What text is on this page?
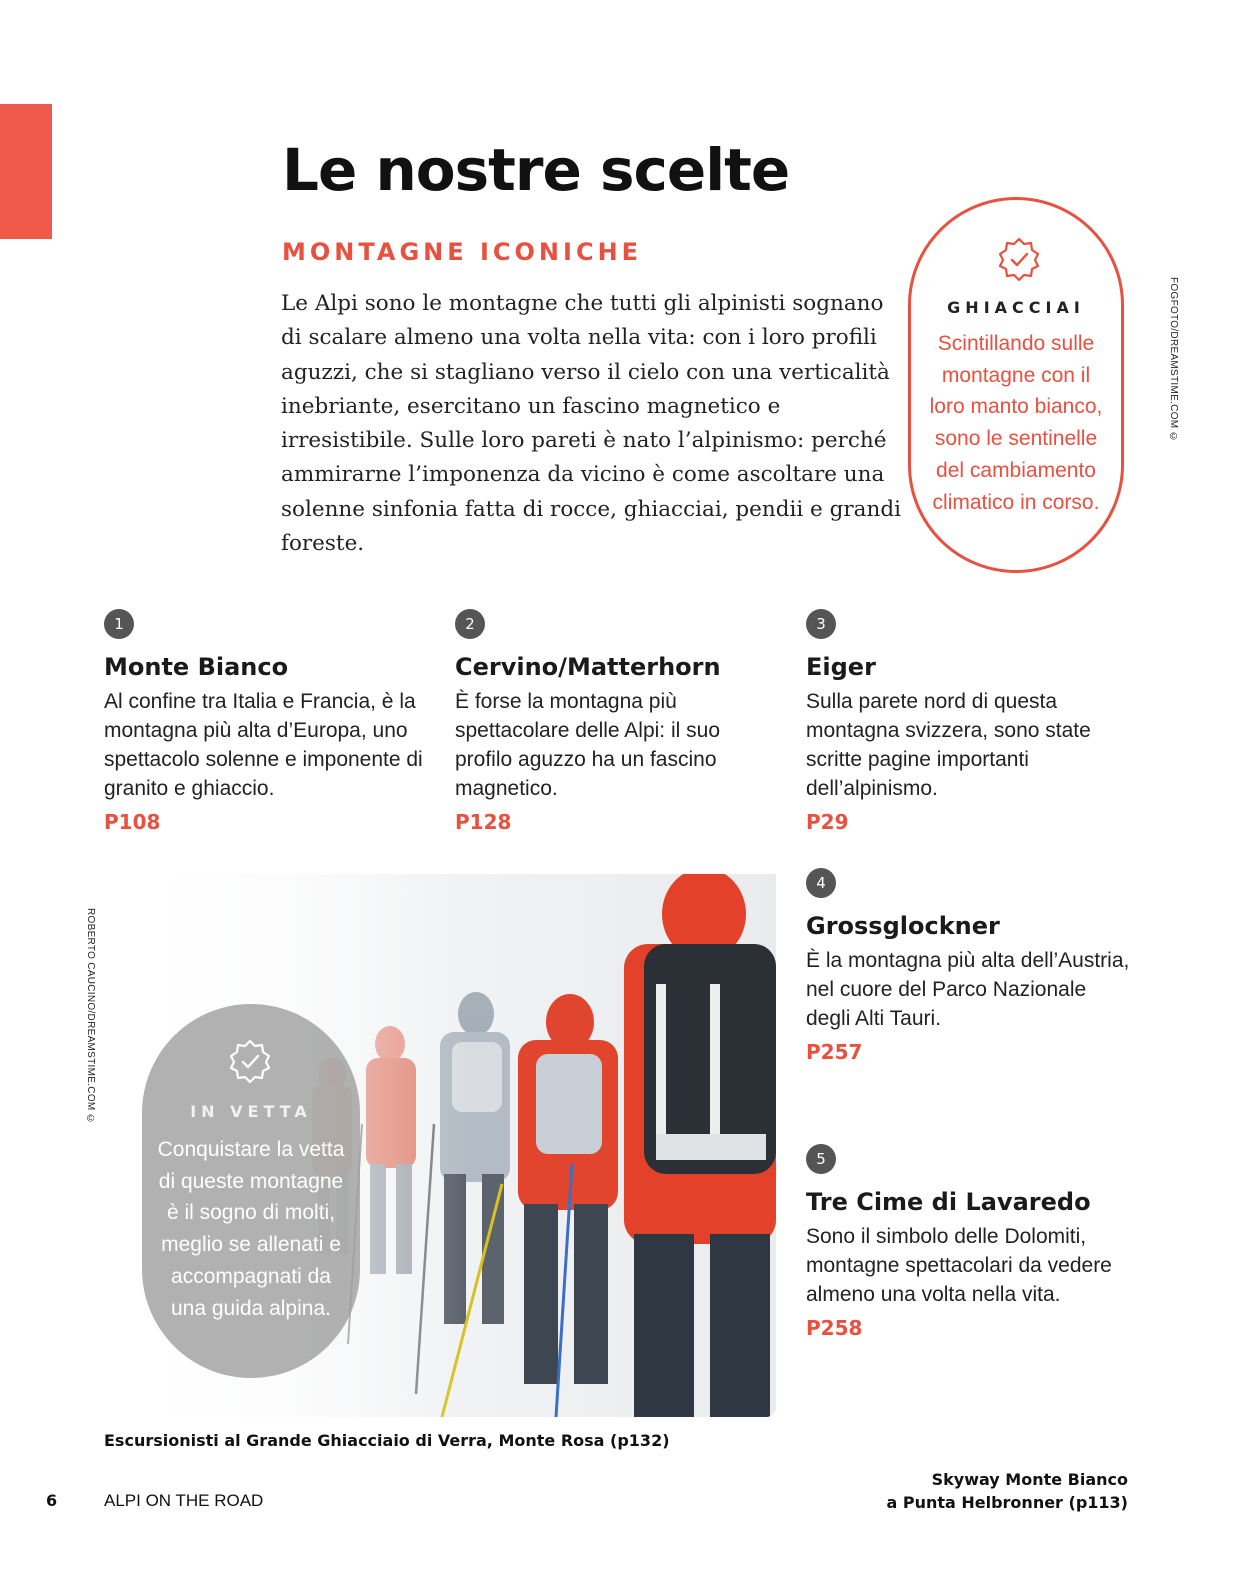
Le nostre scelte
MONTAGNE ICONICHE
Le Alpi sono le montagne che tutti gli alpinisti sognano di scalare almeno una volta nella vita: con i loro profili aguzzi, che si stagliano verso il cielo con una verticalità inebriante, esercitano un fascino magnetico e irresistibile. Sulle loro pareti è nato l’alpinismo: perché ammirarne l’imponenza da vicino è come ascoltare una solenne sinfonia fatta di rocce, ghiacciai, pendii e grandi foreste.
FOGFOTO/DREAMSTIME.COM ©
GHIACCIAI
Scintillando sulle montagne con il loro manto bianco, sono le sentinelle del cambiamento climatico in corso.
1
Monte Bianco
Al confine tra Italia e Francia, è la montagna più alta d’Europa, uno spettacolo solenne e imponente di granito e ghiaccio.
P108
2
Cervino/Matterhorn
È forse la montagna più spettacolare delle Alpi: il suo profilo aguzzo ha un fascino magnetico.
P128
3
Eiger
Sulla parete nord di questa montagna svizzera, sono state scritte pagine importanti dell’alpinismo.
P29
4
Grossglockner
È la montagna più alta dell’Austria, nel cuore del Parco Nazionale degli Alti Tauri.
P257
5
Tre Cime di Lavaredo
Sono il simbolo delle Dolomiti, montagne spettacolari da vedere almeno una volta nella vita.
P258
ROBERTO CAUCINO/DREAMSTIME.COM ©	IN VETTA
Conquistare la vetta di queste montagne è il sogno di molti, meglio se allenati e accompagnati da una guida alpina.
Escursionisti al Grande Ghiacciaio di Verra, Monte Rosa (p132)
6	ALPI ON THE ROAD
Skyway Monte Bianco
a Punta Helbronner (p113)
